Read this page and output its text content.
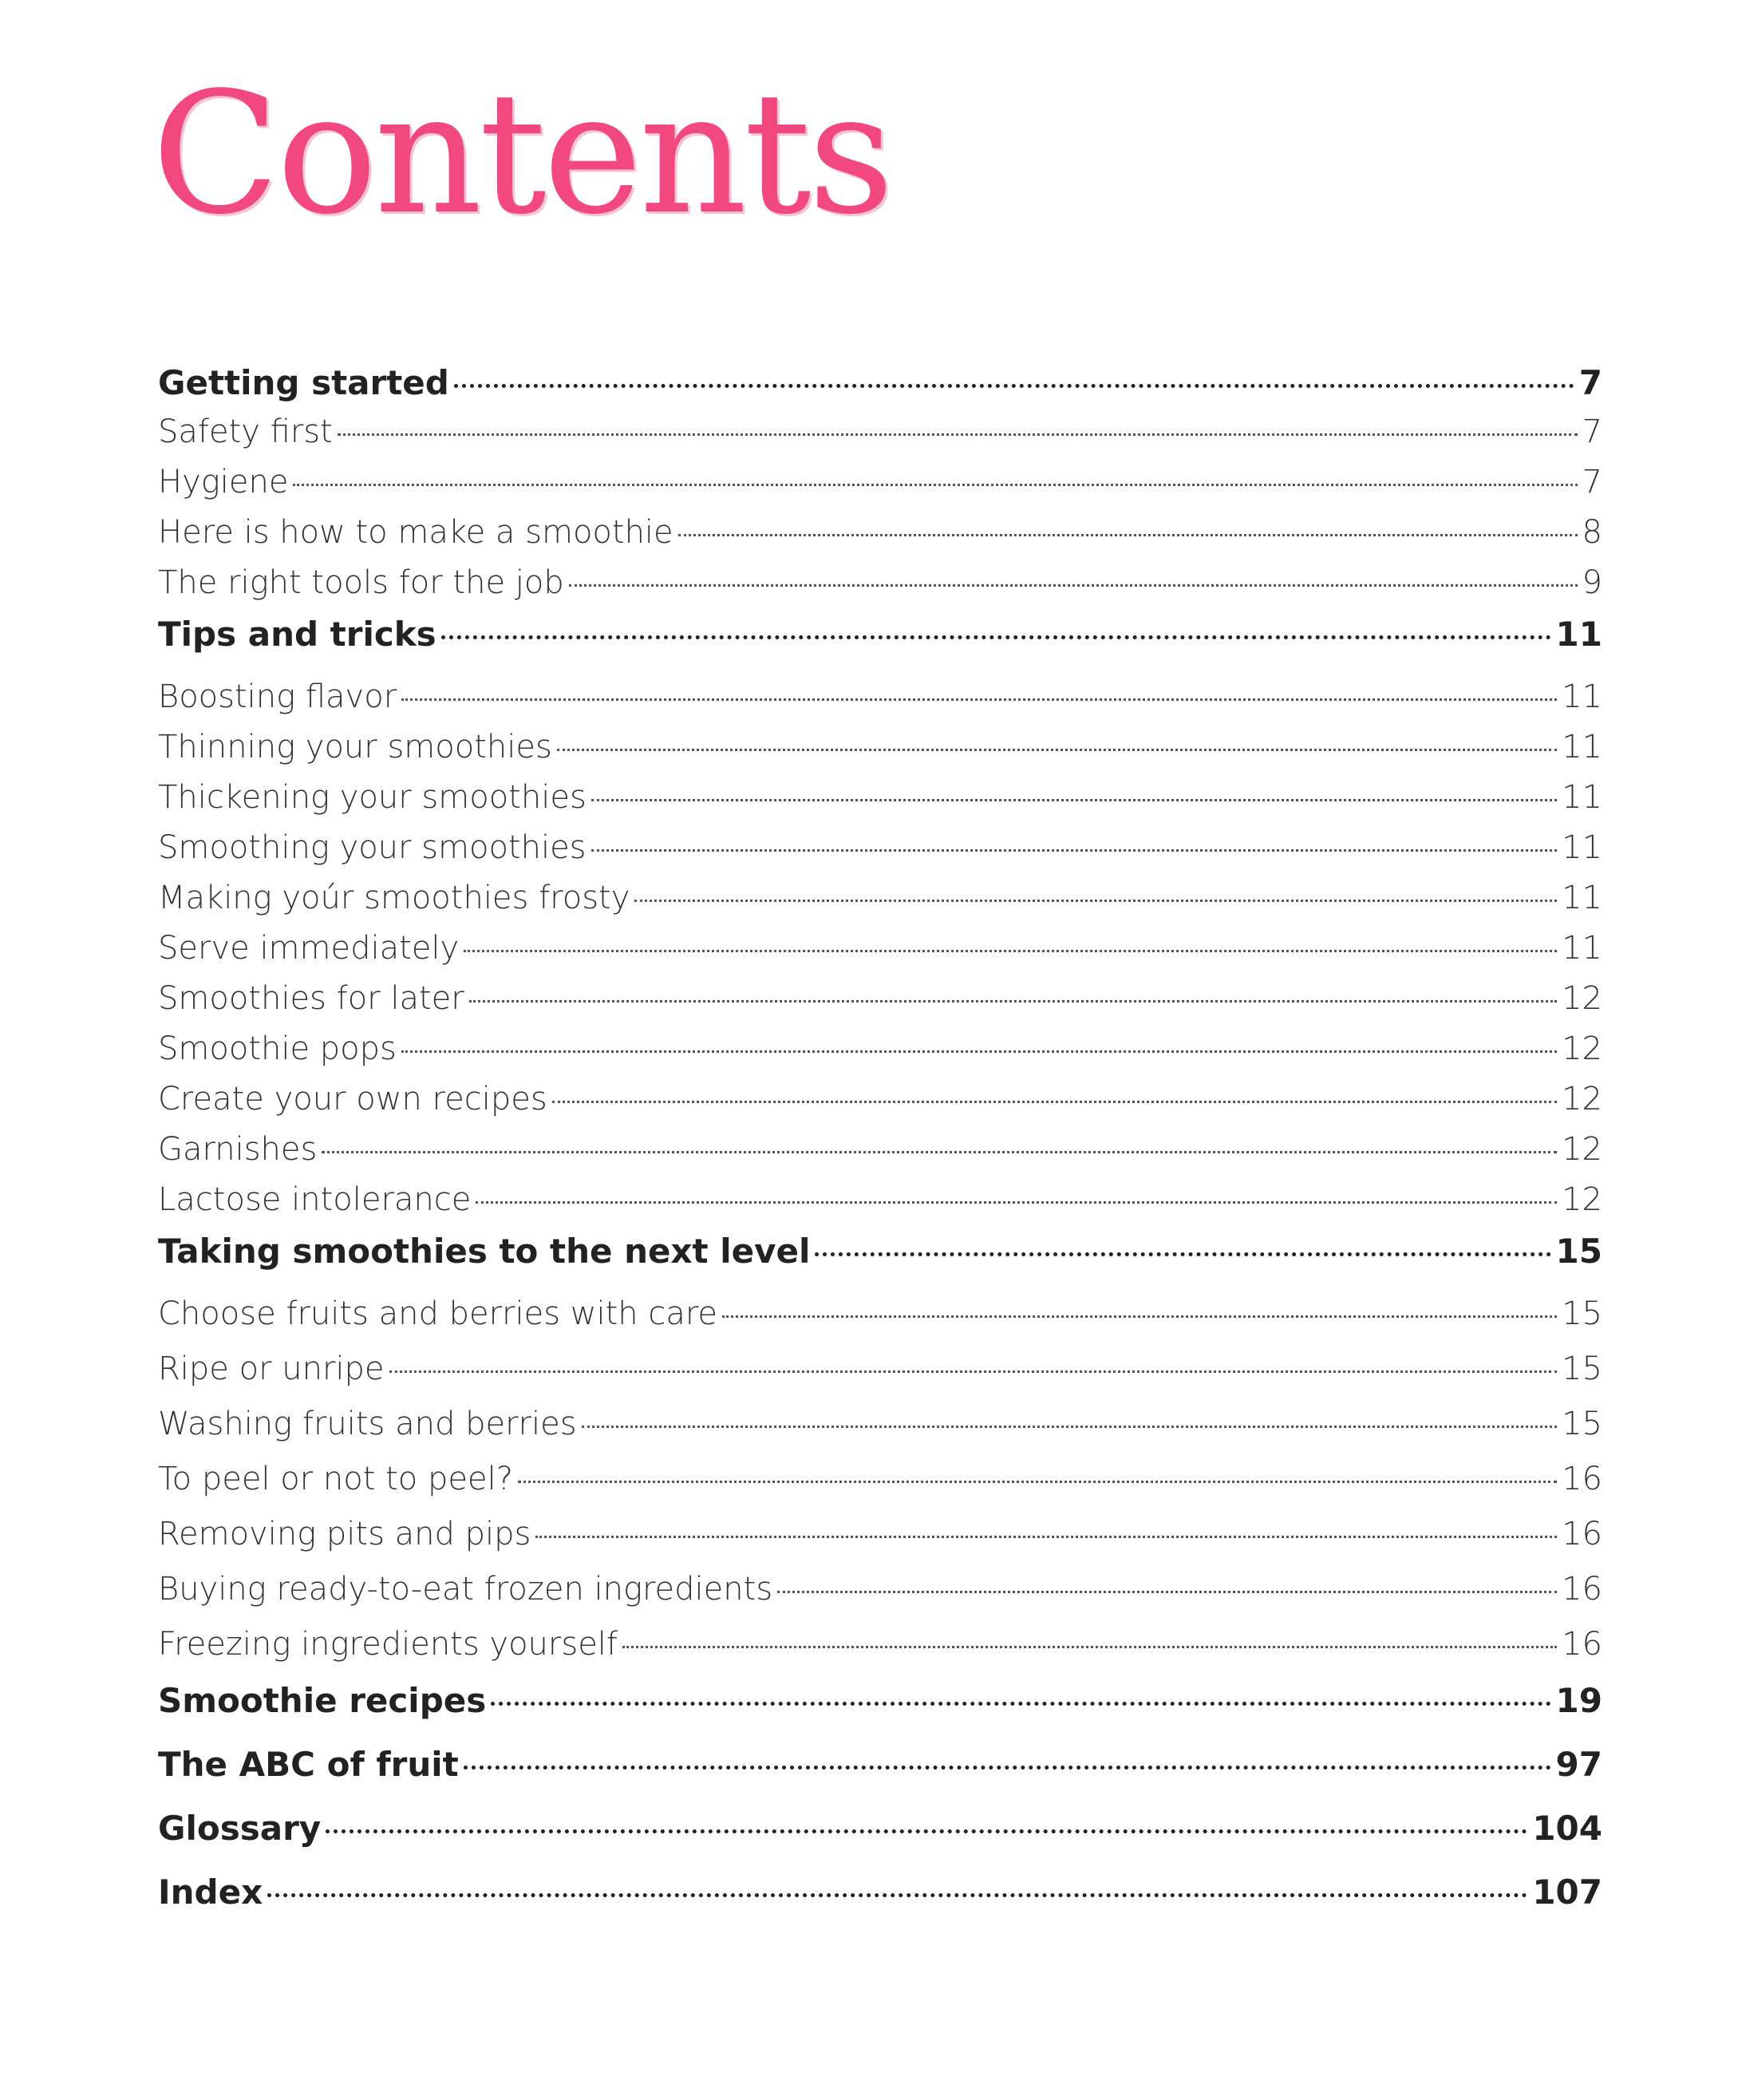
Contents
Getting started	7
Safety first	7
Hygiene	7
Here is how to make a smoothie	8
The right tools for the job	9
Tips and tricks	11
Boosting flavor	11
Thinning your smoothies	11
Thickening your smoothies	11
Smoothing your smoothies	11
Making yoúr smoothies frosty	11
Serve immediately	11
Smoothies for later	12
Smoothie pops	12
Create your own recipes	12
Garnishes	12
Lactose intolerance	12
Taking smoothies to the next level	15
Choose fruits and berries with care	15
Ripe or unripe	15
Washing fruits and berries	15
To peel or not to peel?	16
Removing pits and pips	16
Buying ready-to-eat frozen ingredients	16
Freezing ingredients yourself	16
Smoothie recipes	19
The ABC of fruit	97
Glossary	104
Index	107
